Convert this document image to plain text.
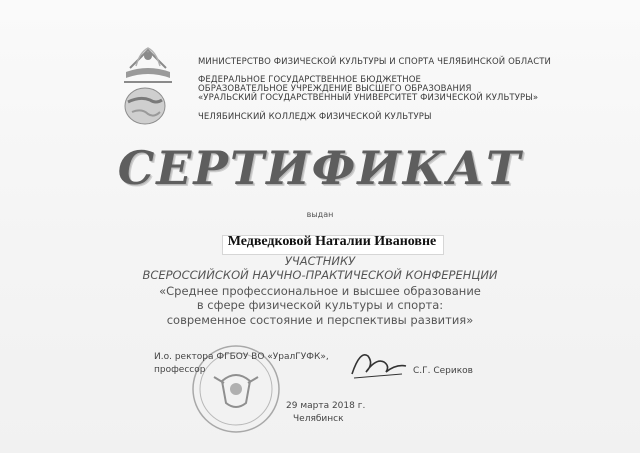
МИНИСТЕРСТВО ФИЗИЧЕСКОЙ КУЛЬТУРЫ И СПОРТА ЧЕЛЯБИНСКОЙ ОБЛАСТИ
ФЕДЕРАЛЬНОЕ ГОСУДАРСТВЕННОЕ БЮДЖЕТНОЕ
ОБРАЗОВАТЕЛЬНОЕ УЧРЕЖДЕНИЕ ВЫСШЕГО ОБРАЗОВАНИЯ
«УРАЛЬСКИЙ ГОСУДАРСТВЕННЫЙ УНИВЕРСИТЕТ ФИЗИЧЕСКОЙ КУЛЬТУРЫ»
ЧЕЛЯБИНСКИЙ КОЛЛЕДЖ ФИЗИЧЕСКОЙ КУЛЬТУРЫ
СЕРТИФИКАТ
выдан
Медведковой Наталии Ивановне
УЧАСТНИКУ
ВСЕРОССИЙСКОЙ НАУЧНО-ПРАКТИЧЕСКОЙ КОНФЕРЕНЦИИ
«Среднее профессиональное и высшее образование
в сфере физической культуры и спорта:
современное состояние и перспективы развития»
И.о. ректора ФГБОУ ВО «УралГУФК»,
профессор	С.Г. Сериков
29 марта 2018 г.
Челябинск
